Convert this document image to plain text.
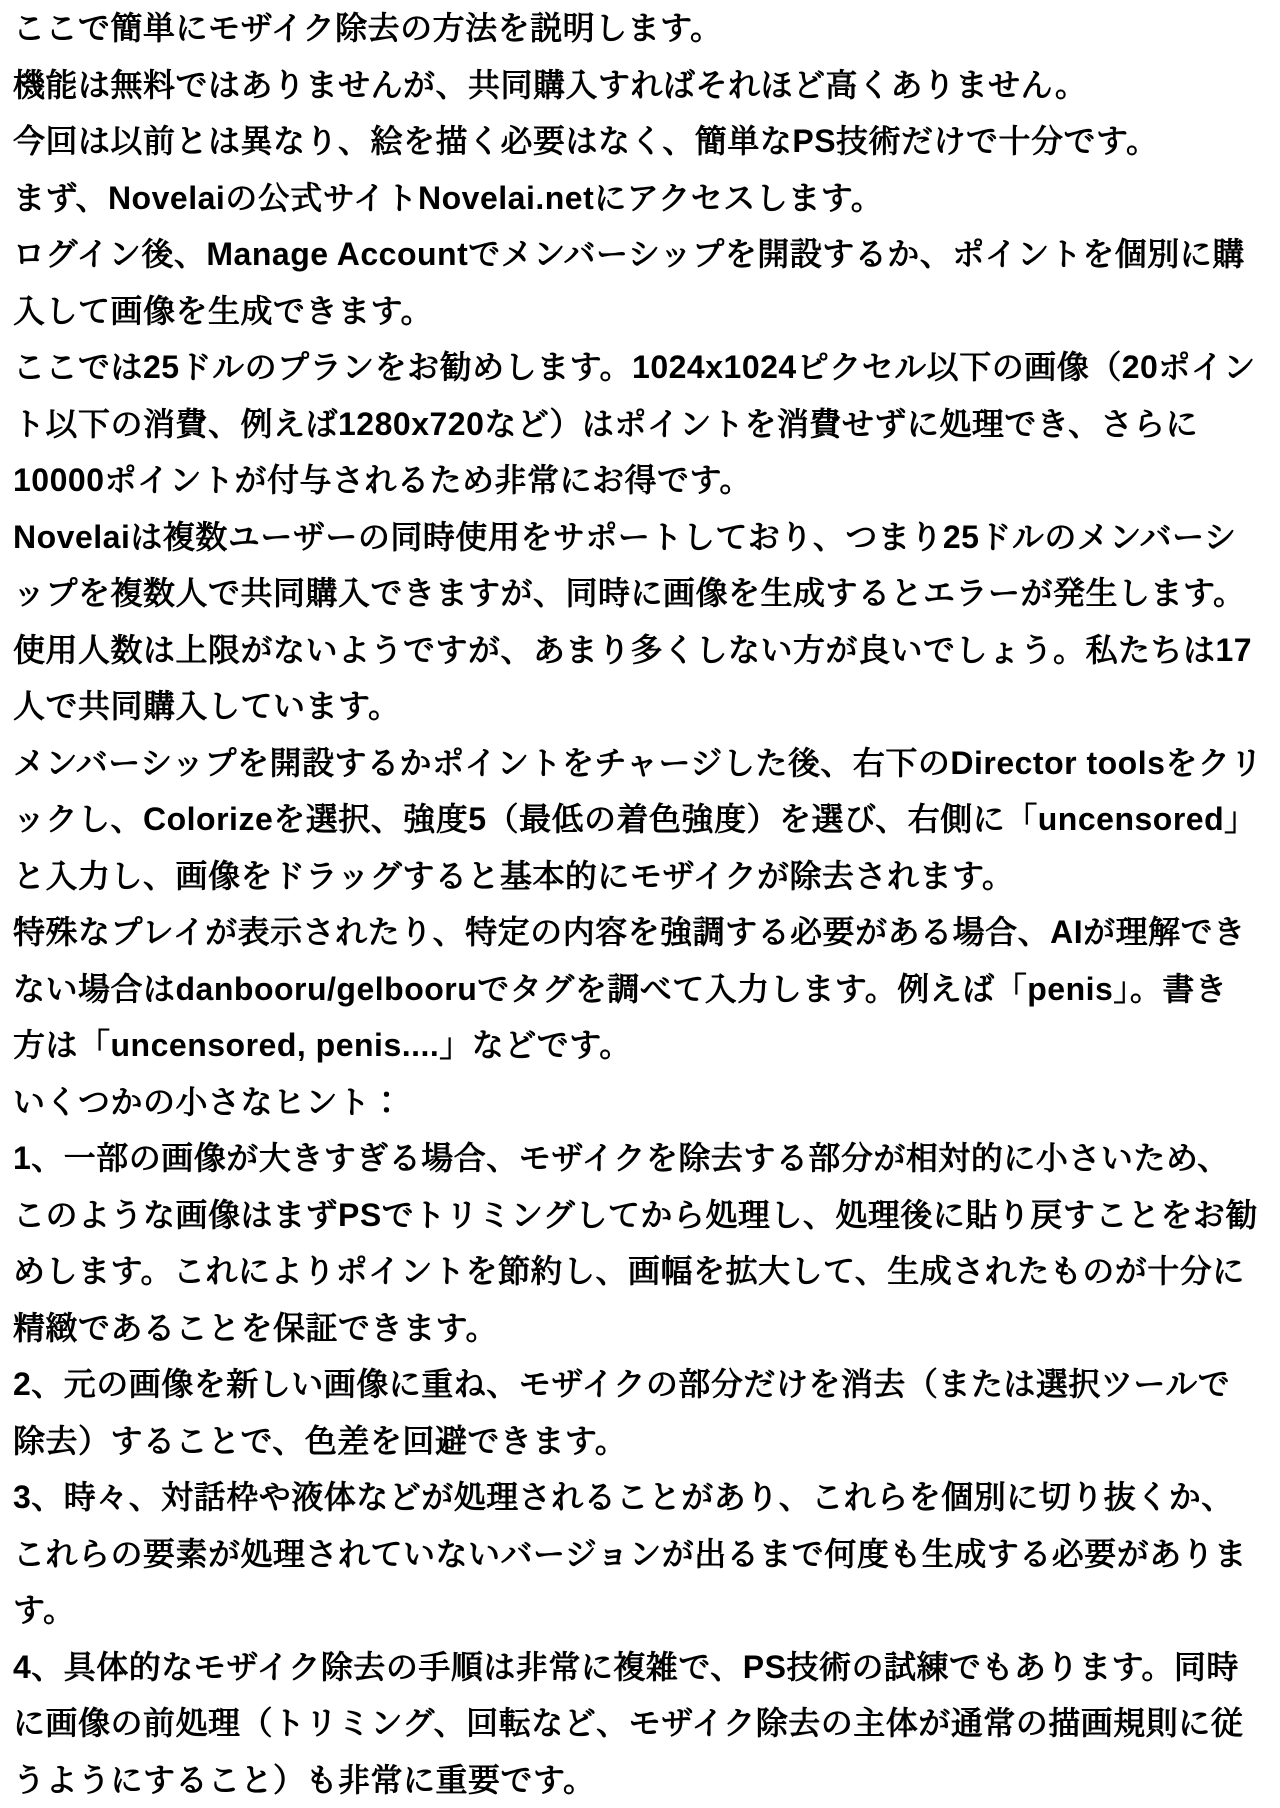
ここで簡単にモザイク除去の方法を説明します。

機能は無料ではありませんが、共同購入すればそれほど高くありません。

今回は以前とは異なり、絵を描く必要はなく、簡単なPS技術だけで十分です。

まず、Novelaiの公式サイトNovelai.netにアクセスします。

ログイン後、Manage Accountでメンバーシップを開設するか、ポイントを個別に購

入して画像を生成できます。

ここでは25ドルのプランをお勧めします。1024x1024ピクセル以下の画像（20ポイン

ト以下の消費、例えば1280x720など）はポイントを消費せずに処理でき、さらに

10000ポイントが付与されるため非常にお得です。

Novelaiは複数ユーザーの同時使用をサポートしており、つまり25ドルのメンバーシ

ップを複数人で共同購入できますが、同時に画像を生成するとエラーが発生します。

使用人数は上限がないようですが、あまり多くしない方が良いでしょう。私たちは17

人で共同購入しています。

メンバーシップを開設するかポイントをチャージした後、右下のDirector toolsをクリ

ックし、Colorizeを選択、強度5（最低の着色強度）を選び、右側に「uncensored」

と入力し、画像をドラッグすると基本的にモザイクが除去されます。

特殊なプレイが表示されたり、特定の内容を強調する必要がある場合、AIが理解でき

ない場合はdanbooru/gelbooruでタグを調べて入力します。例えば「penis」。書き

方は「uncensored, penis....」などです。

いくつかの小さなヒント：

1、一部の画像が大きすぎる場合、モザイクを除去する部分が相対的に小さいため、

このような画像はまずPSでトリミングしてから処理し、処理後に貼り戻すことをお勧

めします。これによりポイントを節約し、画幅を拡大して、生成されたものが十分に

精緻であることを保証できます。

2、元の画像を新しい画像に重ね、モザイクの部分だけを消去（または選択ツールで

除去）することで、色差を回避できます。

3、時々、対話枠や液体などが処理されることがあり、これらを個別に切り抜くか、

これらの要素が処理されていないバージョンが出るまで何度も生成する必要がありま

す。

4、具体的なモザイク除去の手順は非常に複雑で、PS技術の試練でもあります。同時

に画像の前処理（トリミング、回転など、モザイク除去の主体が通常の描画規則に従

うようにすること）も非常に重要です。
